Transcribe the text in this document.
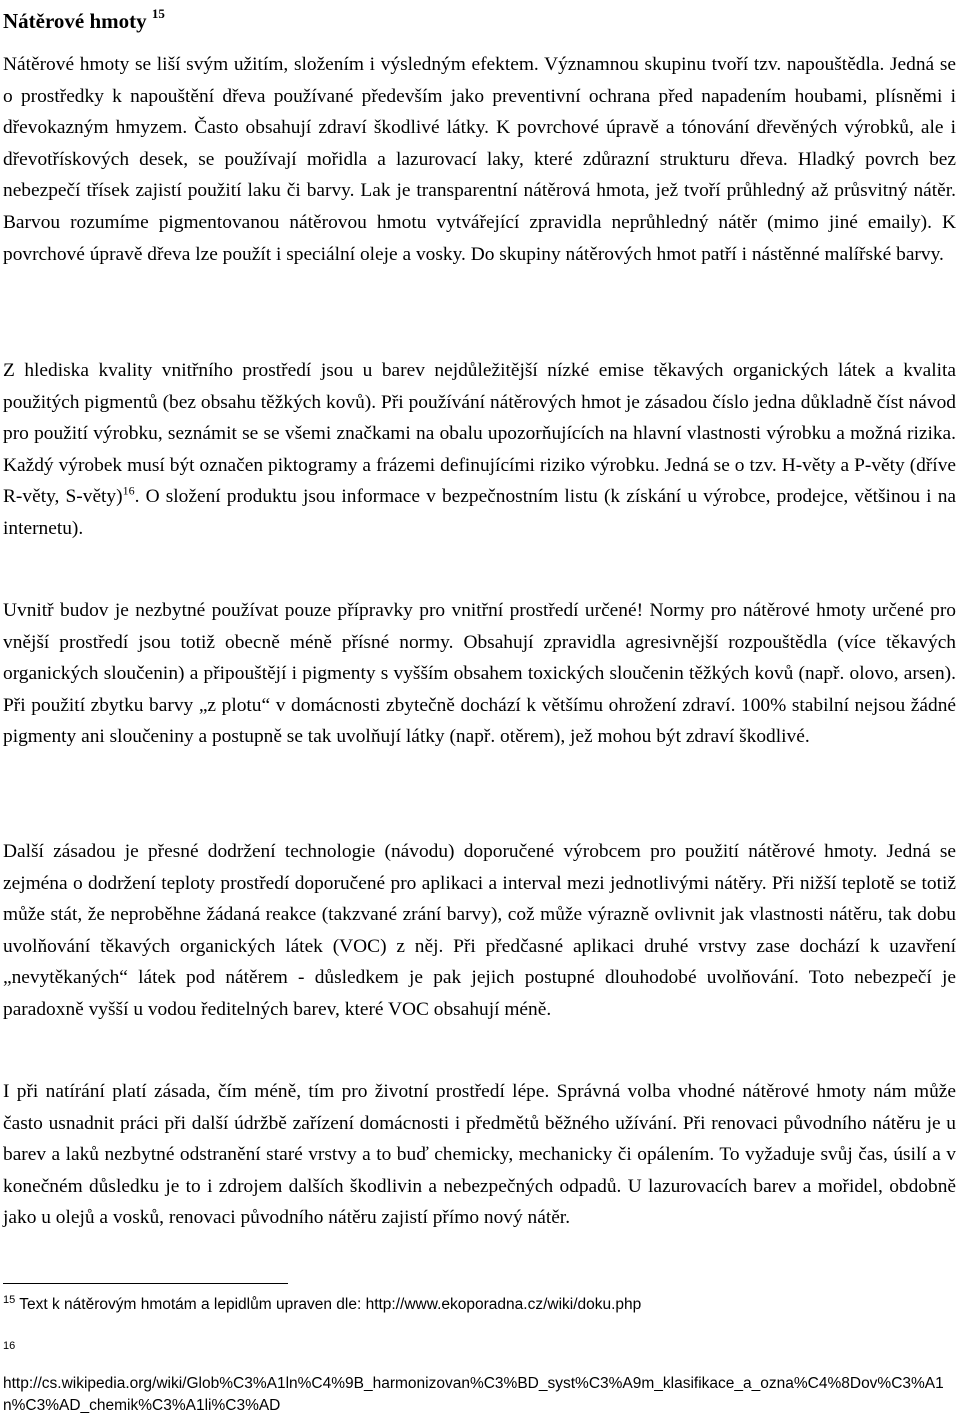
Nátěrové hmoty $^{15}$

Nátěrové hmoty se liší svým užitím, složením i výsledným efektem. Významnou skupinu tvoří tzv. napouštědla. Jedná se o prostředky k napouštění dřeva používané především jako preventivní ochrana před napadením houbami, plísněmi i dřevokazným hmyzem. Často obsahují zdraví škodlivé látky. K povrchové úpravě a tónování dřevěných výrobků, ale i dřevotřískových desek, se používají mořidla a lazurovací laky, které zdůrazní strukturu dřeva. Hladký povrch bez nebezpečí třísek zajistí použití laku či barvy. Lak je transparentní nátěrová hmota, jež tvoří průhledný až průsvitný nátěr. Barvou rozumíme pigmentovanou nátěrovou hmotu vytvářející zpravidla neprůhledný nátěr (mimo jiné emaily). K povrchové úpravě dřeva lze použít i speciální oleje a vosky. Do skupiny nátěrových hmot patří i nástěnné malířské barvy.

Z hlediska kvality vnitřního prostředí jsou u barev nejdůležitější nízké emise těkavých organických látek a kvalita použitých pigmentů (bez obsahu těžkých kovů). Při používání nátěrových hmot je zásadou číslo jedna důkladně číst návod pro použití výrobku, seznámit se se všemi značkami na obalu upozorňujících na hlavní vlastnosti výrobku a možná rizika. Každý výrobek musí být označen piktogramy a frázemi definujícími riziko výrobku. Jedná se o tzv. H-věty a P-věty (dříve R-věty, S-věty)$^{16}$. O složení produktu jsou informace v bezpečnostním listu (k získání u výrobce, prodejce, většinou i na internetu).

Uvnitř budov je nezbytné používat pouze přípravky pro vnitřní prostředí určené! Normy pro nátěrové hmoty určené pro vnější prostředí jsou totiž obecně méně přísné normy. Obsahují zpravidla agresivnější rozpouštědla (více těkavých organických sloučenin) a připouštějí i pigmenty s vyšším obsahem toxických sloučenin těžkých kovů (např. olovo, arsen). Při použití zbytku barvy „z plotu“ v domácnosti zbytečně dochází k většímu ohrožení zdraví. 100% stabilní nejsou žádné pigmenty ani sloučeniny a postupně se tak uvolňují látky (např. otěrem), jež mohou být zdraví škodlivé.

Další zásadou je přesné dodržení technologie (návodu) doporučené výrobcem pro použití nátěrové hmoty. Jedná se zejména o dodržení teploty prostředí doporučené pro aplikaci a interval mezi jednotlivými nátěry. Při nižší teplotě se totiž může stát, že neproběhne žádaná reakce (takzvané zrání barvy), což může výrazně ovlivnit jak vlastnosti nátěru, tak dobu uvolňování těkavých organických látek (VOC) z něj. Při předčasné aplikaci druhé vrstvy zase dochází k uzavření „nevytěkaných“ látek pod nátěrem - důsledkem je pak jejich postupné dlouhodobé uvolňování. Toto nebezpečí je paradoxně vyšší u vodou ředitelných barev, které VOC obsahují méně.

I při natírání platí zásada, čím méně, tím pro životní prostředí lépe. Správná volba vhodné nátěrové hmoty nám může často usnadnit práci při další údržbě zařízení domácnosti i předmětů běžného užívání. Při renovaci původního nátěru je u barev a laků nezbytné odstranění staré vrstvy a to buď chemicky, mechanicky či opálením. To vyžaduje svůj čas, úsilí a v konečném důsledku je to i zdrojem dalších škodlivin a nebezpečných odpadů. U lazurovacích barev a mořidel, obdobně jako u olejů a vosků, renovaci původního nátěru zajistí přímo nový nátěr.

$^{15}$ Text k nátěrovým hmotám a lepidlům upraven dle: http://www.ekoporadna.cz/wiki/doku.php
16
http://cs.wikipedia.org/wiki/Glob%C3%A1ln%C4%9B_harmonizovan%C3%BD_syst%C3%A9m_klasifikace_a_ozna%C4%8Dov%C3%A1n%C3%AD_chemik%C3%A1li%C3%AD
